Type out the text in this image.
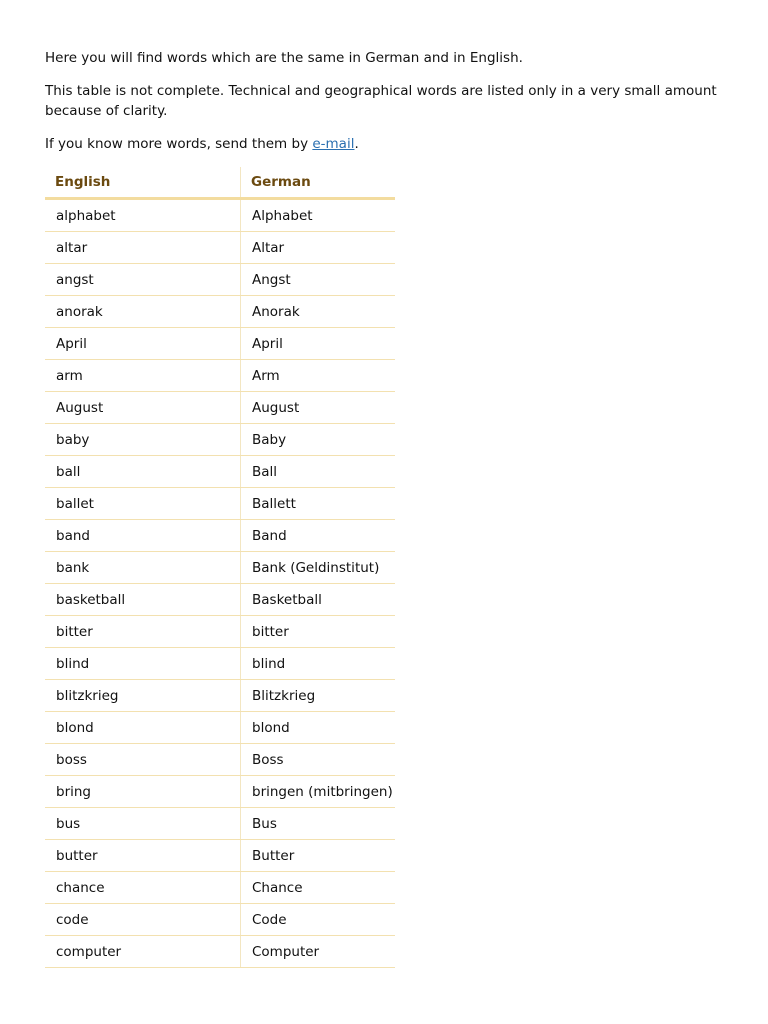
Here you will find words which are the same in German and in English.

This table is not complete. Technical and geographical words are listed only in a very small amount because of clarity.

If you know more words, send them by e-mail.

English	German
alphabet	Alphabet
altar	Altar
angst	Angst
anorak	Anorak
April	April
arm	Arm
August	August
baby	Baby
ball	Ball
ballet	Ballett
band	Band
bank	Bank (Geldinstitut)
basketball	Basketball
bitter	bitter
blind	blind
blitzkrieg	Blitzkrieg
blond	blond
boss	Boss
bring	bringen (mitbringen)
bus	Bus
butter	Butter
chance	Chance
code	Code
computer	Computer
